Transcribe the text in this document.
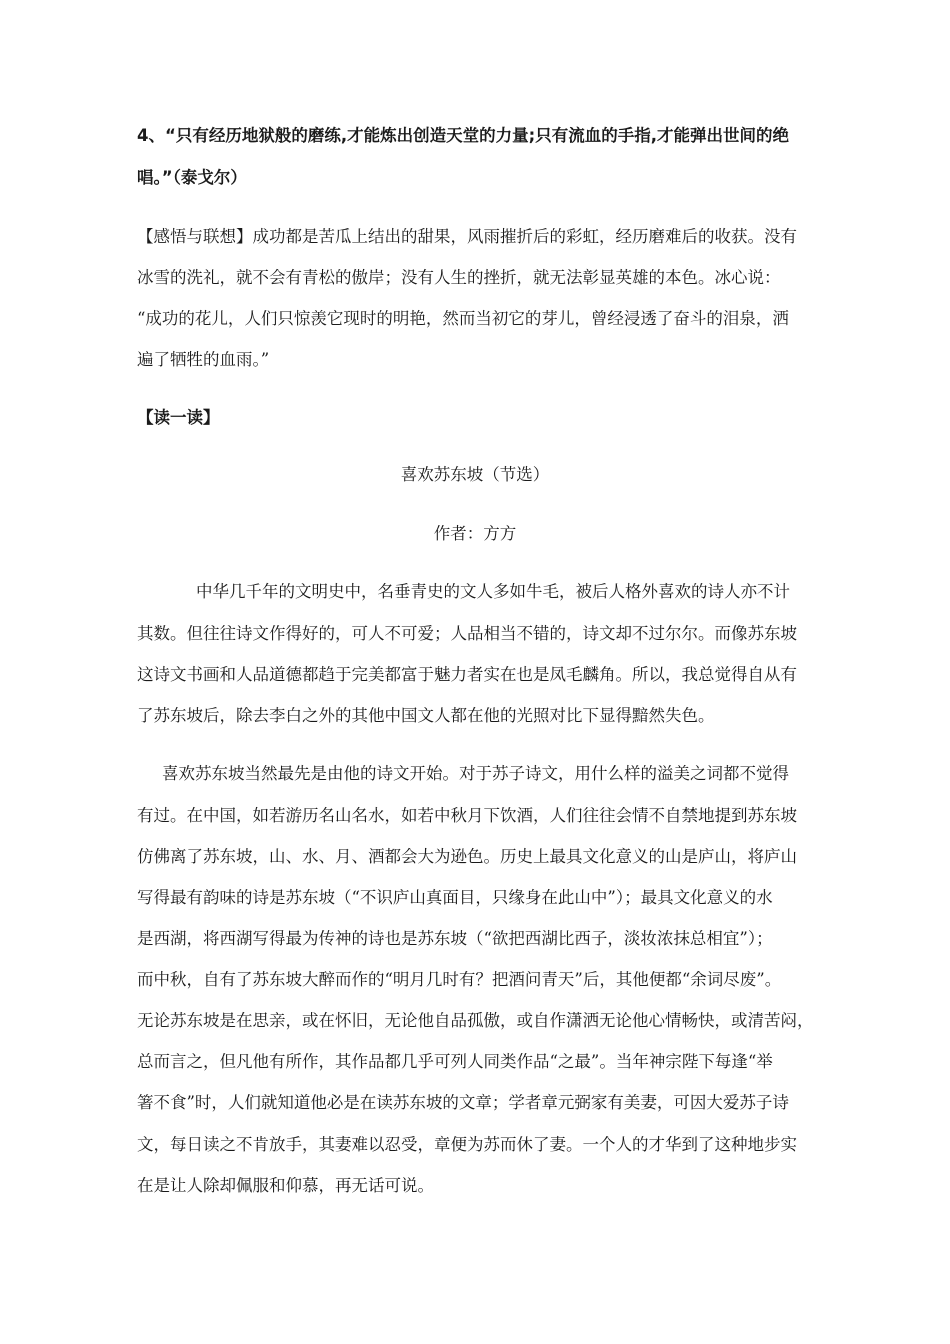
4、“只有经历地狱般的磨练,才能炼出创造天堂的力量;只有流血的手指,才能弹出世间的绝
唱。”（泰戈尔）
【感悟与联想】成功都是苦瓜上结出的甜果，风雨摧折后的彩虹，经历磨难后的收获。没有
冰雪的洗礼，就不会有青松的傲岸；没有人生的挫折，就无法彰显英雄的本色。冰心说：
“成功的花儿，人们只惊羡它现时的明艳，然而当初它的芽儿，曾经浸透了奋斗的泪泉，洒
遍了牺牲的血雨。”
【读一读】
喜欢苏东坡（节选）
作者：方方
中华几千年的文明史中，名垂青史的文人多如牛毛，被后人格外喜欢的诗人亦不计
其数。但往往诗文作得好的，可人不可爱；人品相当不错的，诗文却不过尔尔。而像苏东坡
这诗文书画和人品道德都趋于完美都富于魅力者实在也是凤毛麟角。所以，我总觉得自从有
了苏东坡后，除去李白之外的其他中国文人都在他的光照对比下显得黯然失色。
喜欢苏东坡当然最先是由他的诗文开始。对于苏子诗文，用什么样的溢美之词都不觉得
有过。在中国，如若游历名山名水，如若中秋月下饮酒，人们往往会情不自禁地提到苏东坡
仿佛离了苏东坡，山、水、月、酒都会大为逊色。历史上最具文化意义的山是庐山，将庐山
写得最有韵味的诗是苏东坡（“不识庐山真面目，只缘身在此山中”）；最具文化意义的水
是西湖，将西湖写得最为传神的诗也是苏东坡（“欲把西湖比西子，淡妆浓抹总相宜”）；
而中秋，自有了苏东坡大醉而作的“明月几时有？把酒问青天”后，其他便都“余词尽废”。
无论苏东坡是在思亲，或在怀旧，无论他自品孤傲，或自作潇洒无论他心情畅快，或清苦闷，
总而言之，但凡他有所作，其作品都几乎可列人同类作品“之最”。当年神宗陛下每逢“举
箸不食”时，人们就知道他必是在读苏东坡的文章；学者章元弼家有美妻，可因大爱苏子诗
文，每日读之不肯放手，其妻难以忍受，章便为苏而休了妻。一个人的才华到了这种地步实
在是让人除却佩服和仰慕，再无话可说。
